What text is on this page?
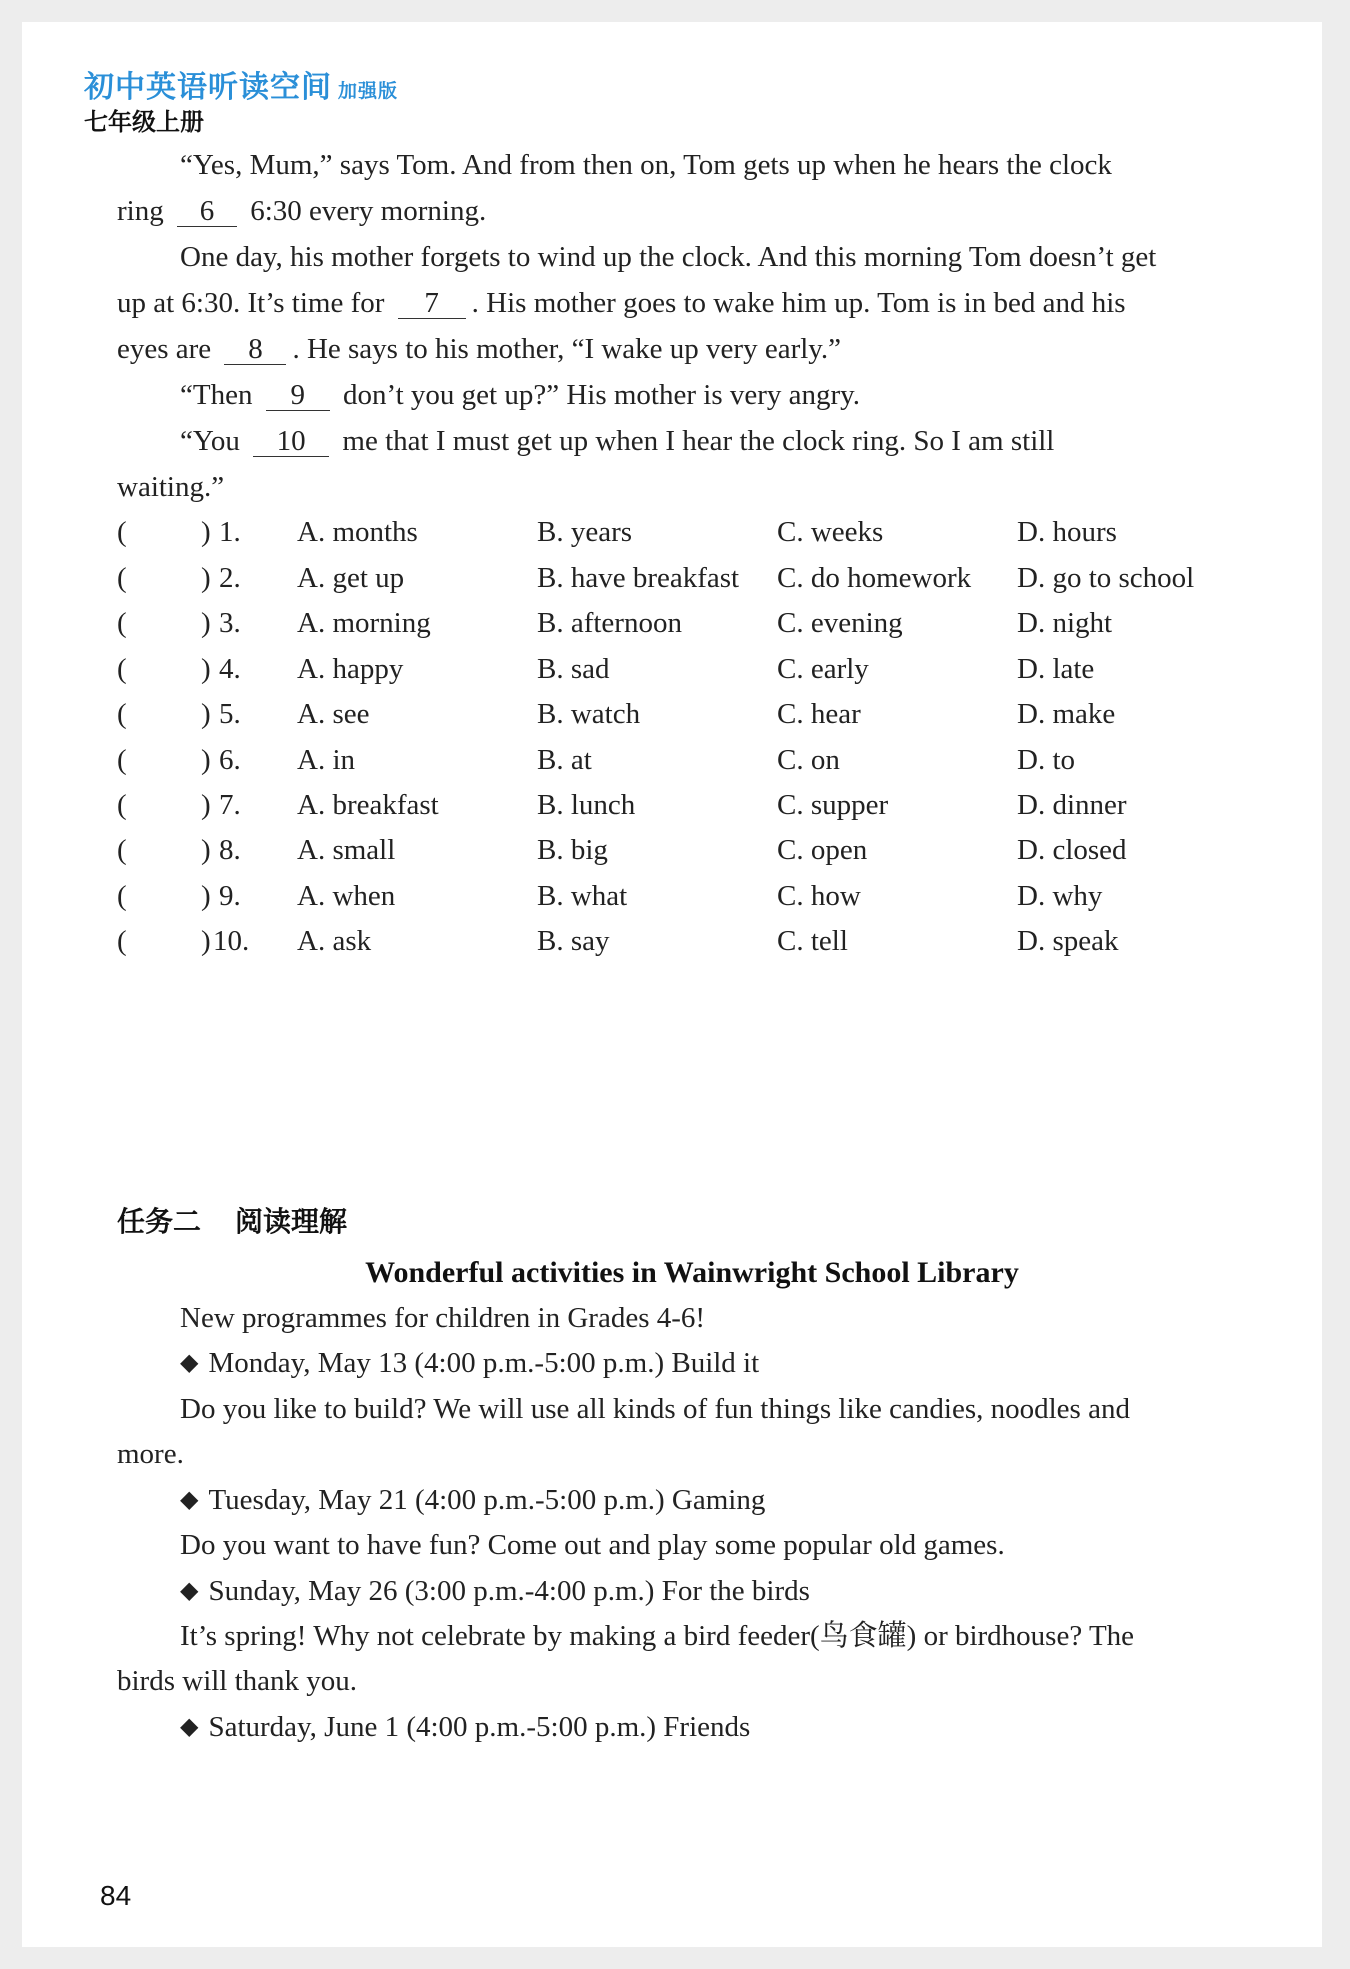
初中英语听读空间 加强版
七年级上册
“Yes, Mum,” says Tom. And from then on, Tom gets up when he hears the clock
ring 6 6:30 every morning.
One day, his mother forgets to wind up the clock. And this morning Tom doesn’t get
up at 6:30. It’s time for 7 . His mother goes to wake him up. Tom is in bed and his
eyes are 8 . He says to his mother, “I wake up very early.”
“Then 9 don’t you get up?” His mother is very angry.
“You 10 me that I must get up when I hear the clock ring. So I am still
waiting.”
(	) 1. A. months	B. years	C. weeks	D. hours
(	) 2. A. get up	B. have breakfast C. do homework D. go to school
(	) 3. A. morning	B. afternoon	C. evening	D. night
(	) 4. A. happy	B. sad	C. early	D. late
(	) 5. A. see	B. watch	C. hear	D. make
(	) 6. A. in	B. at	C. on	D. to
(	) 7. A. breakfast	B. lunch	C. supper	D. dinner
(	) 8. A. small	B. big	C. open	D. closed
(	) 9. A. when	B. what	C. how	D. why
(	) 10. A. ask	B. say	C. tell	D. speak
任务二 阅读理解
Wonderful activities in Wainwright School Library
New programmes for children in Grades 4-6!
◆ Monday, May 13 (4:00 p.m.-5:00 p.m.) Build it
Do you like to build? We will use all kinds of fun things like candies, noodles and
more.
◆ Tuesday, May 21 (4:00 p.m.-5:00 p.m.) Gaming
Do you want to have fun? Come out and play some popular old games.
◆ Sunday, May 26 (3:00 p.m.-4:00 p.m.) For the birds
It’s spring! Why not celebrate by making a bird feeder(鸟食罐) or birdhouse? The
birds will thank you.
◆ Saturday, June 1 (4:00 p.m.-5:00 p.m.) Friends
84
